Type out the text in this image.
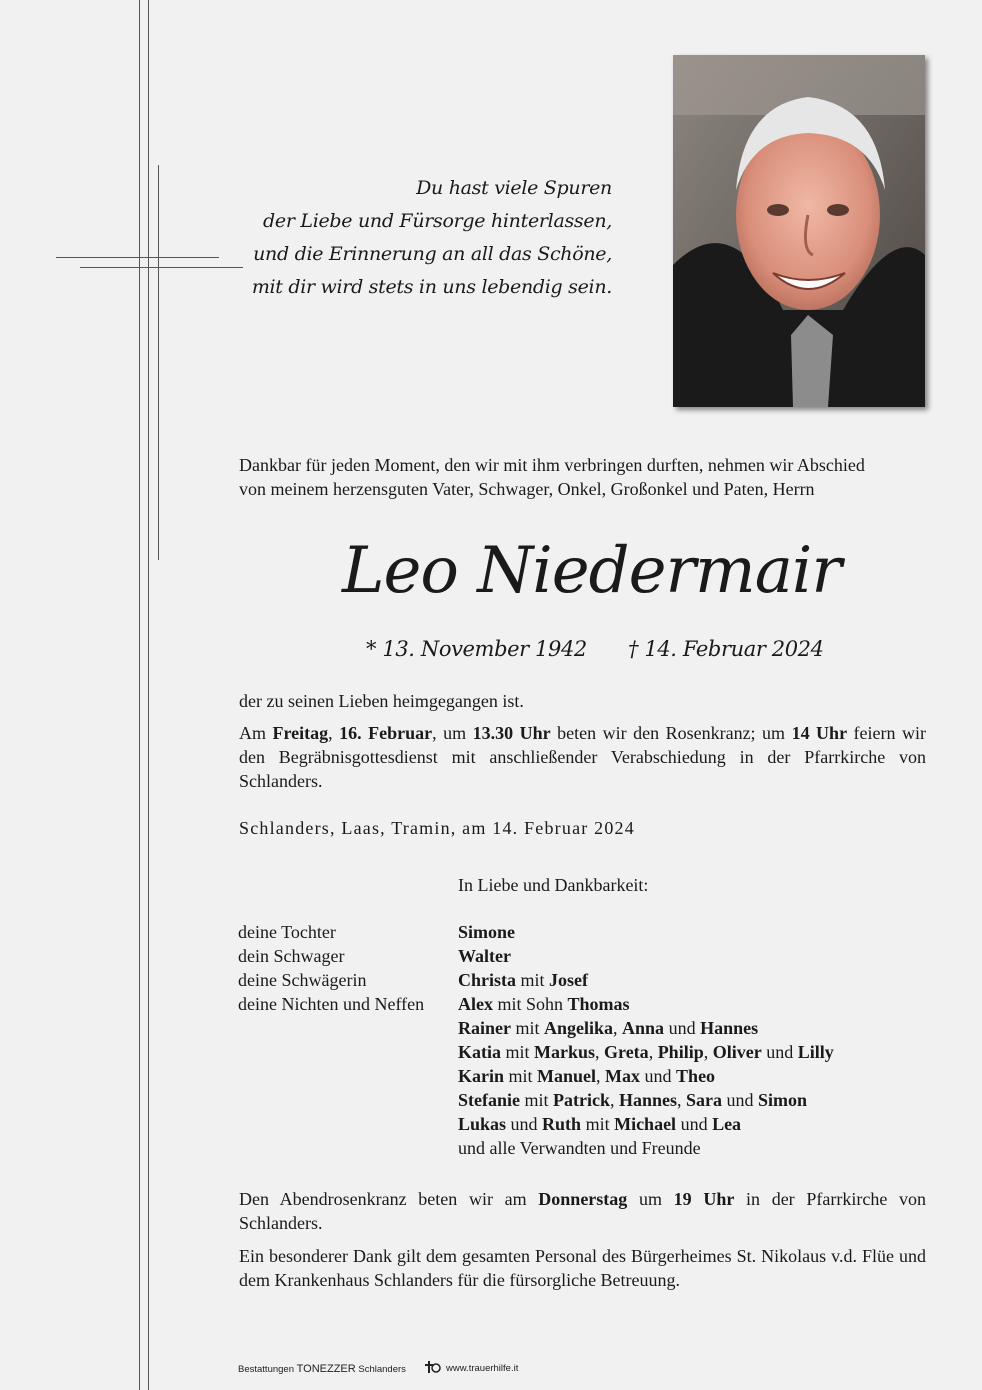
Du hast viele Spuren
der Liebe und Fürsorge hinterlassen,
und die Erinnerung an all das Schöne,
mit dir wird stets in uns lebendig sein.
Dankbar für jeden Moment, den wir mit ihm verbringen durften, nehmen wir Abschied
von meinem herzensguten Vater, Schwager, Onkel, Großonkel und Paten, Herrn
Leo Niedermair
* 13. November 1942 † 14. Februar 2024
der zu seinen Lieben heimgegangen ist.
Am Freitag, 16. Februar, um 13.30 Uhr beten wir den Rosenkranz; um 14 Uhr feiern wir den Begräbnisgottesdienst mit anschließender Verabschiedung in der Pfarrkirche von Schlanders.
Schlanders, Laas, Tramin, am 14. Februar 2024
In Liebe und Dankbarkeit:
deine Tochter
dein Schwager
deine Schwägerin
deine Nichten und Neffen
Simone
Walter
Christa mit Josef
Alex mit Sohn Thomas
Rainer mit Angelika, Anna und Hannes
Katia mit Markus, Greta, Philip, Oliver und Lilly
Karin mit Manuel, Max und Theo
Stefanie mit Patrick, Hannes, Sara und Simon
Lukas und Ruth mit Michael und Lea
und alle Verwandten und Freunde
Den Abendrosenkranz beten wir am Donnerstag um 19 Uhr in der Pfarrkirche von Schlanders.
Ein besonderer Dank gilt dem gesamten Personal des Bürgerheimes St. Nikolaus v.d. Flüe und dem Krankenhaus Schlanders für die fürsorgliche Betreuung.
Bestattungen TONEZZER Schlanders	www.trauerhilfe.it
